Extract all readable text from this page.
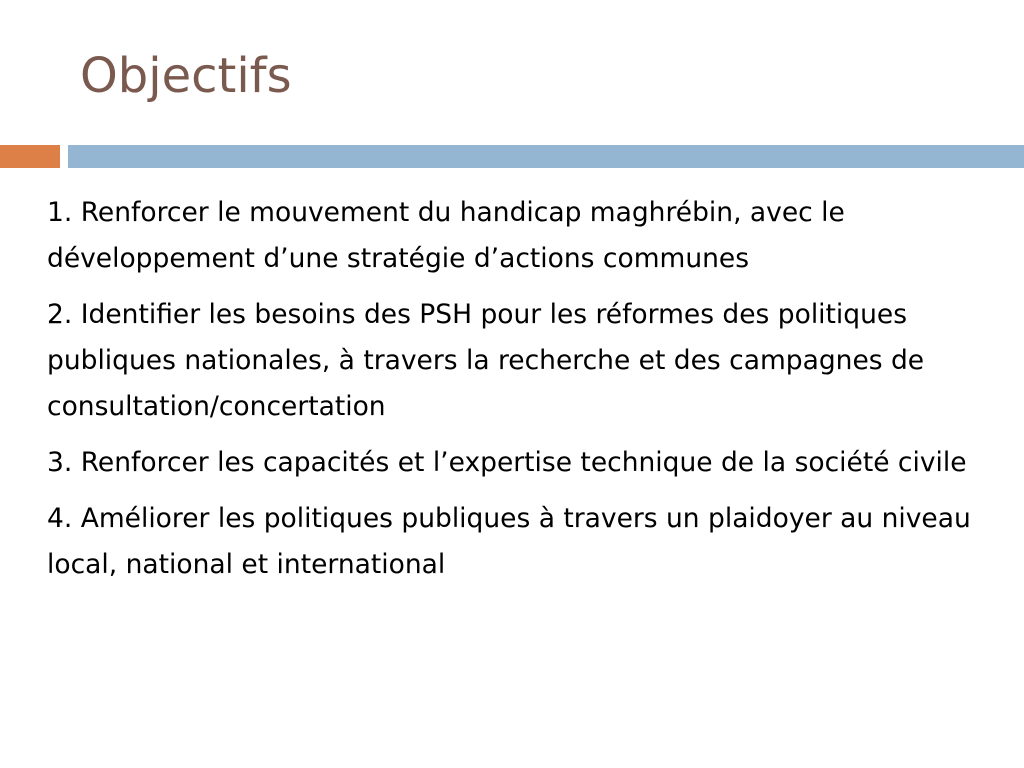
Objectifs

1. Renforcer le mouvement du handicap maghrébin, avec le développement d’une stratégie d’actions communes

2. Identifier les besoins des PSH pour les réformes des politiques publiques nationales, à travers la recherche et des campagnes de consultation/concertation

3. Renforcer les capacités et l’expertise technique de la société civile

4. Améliorer les politiques publiques à travers un plaidoyer au niveau local, national et international
